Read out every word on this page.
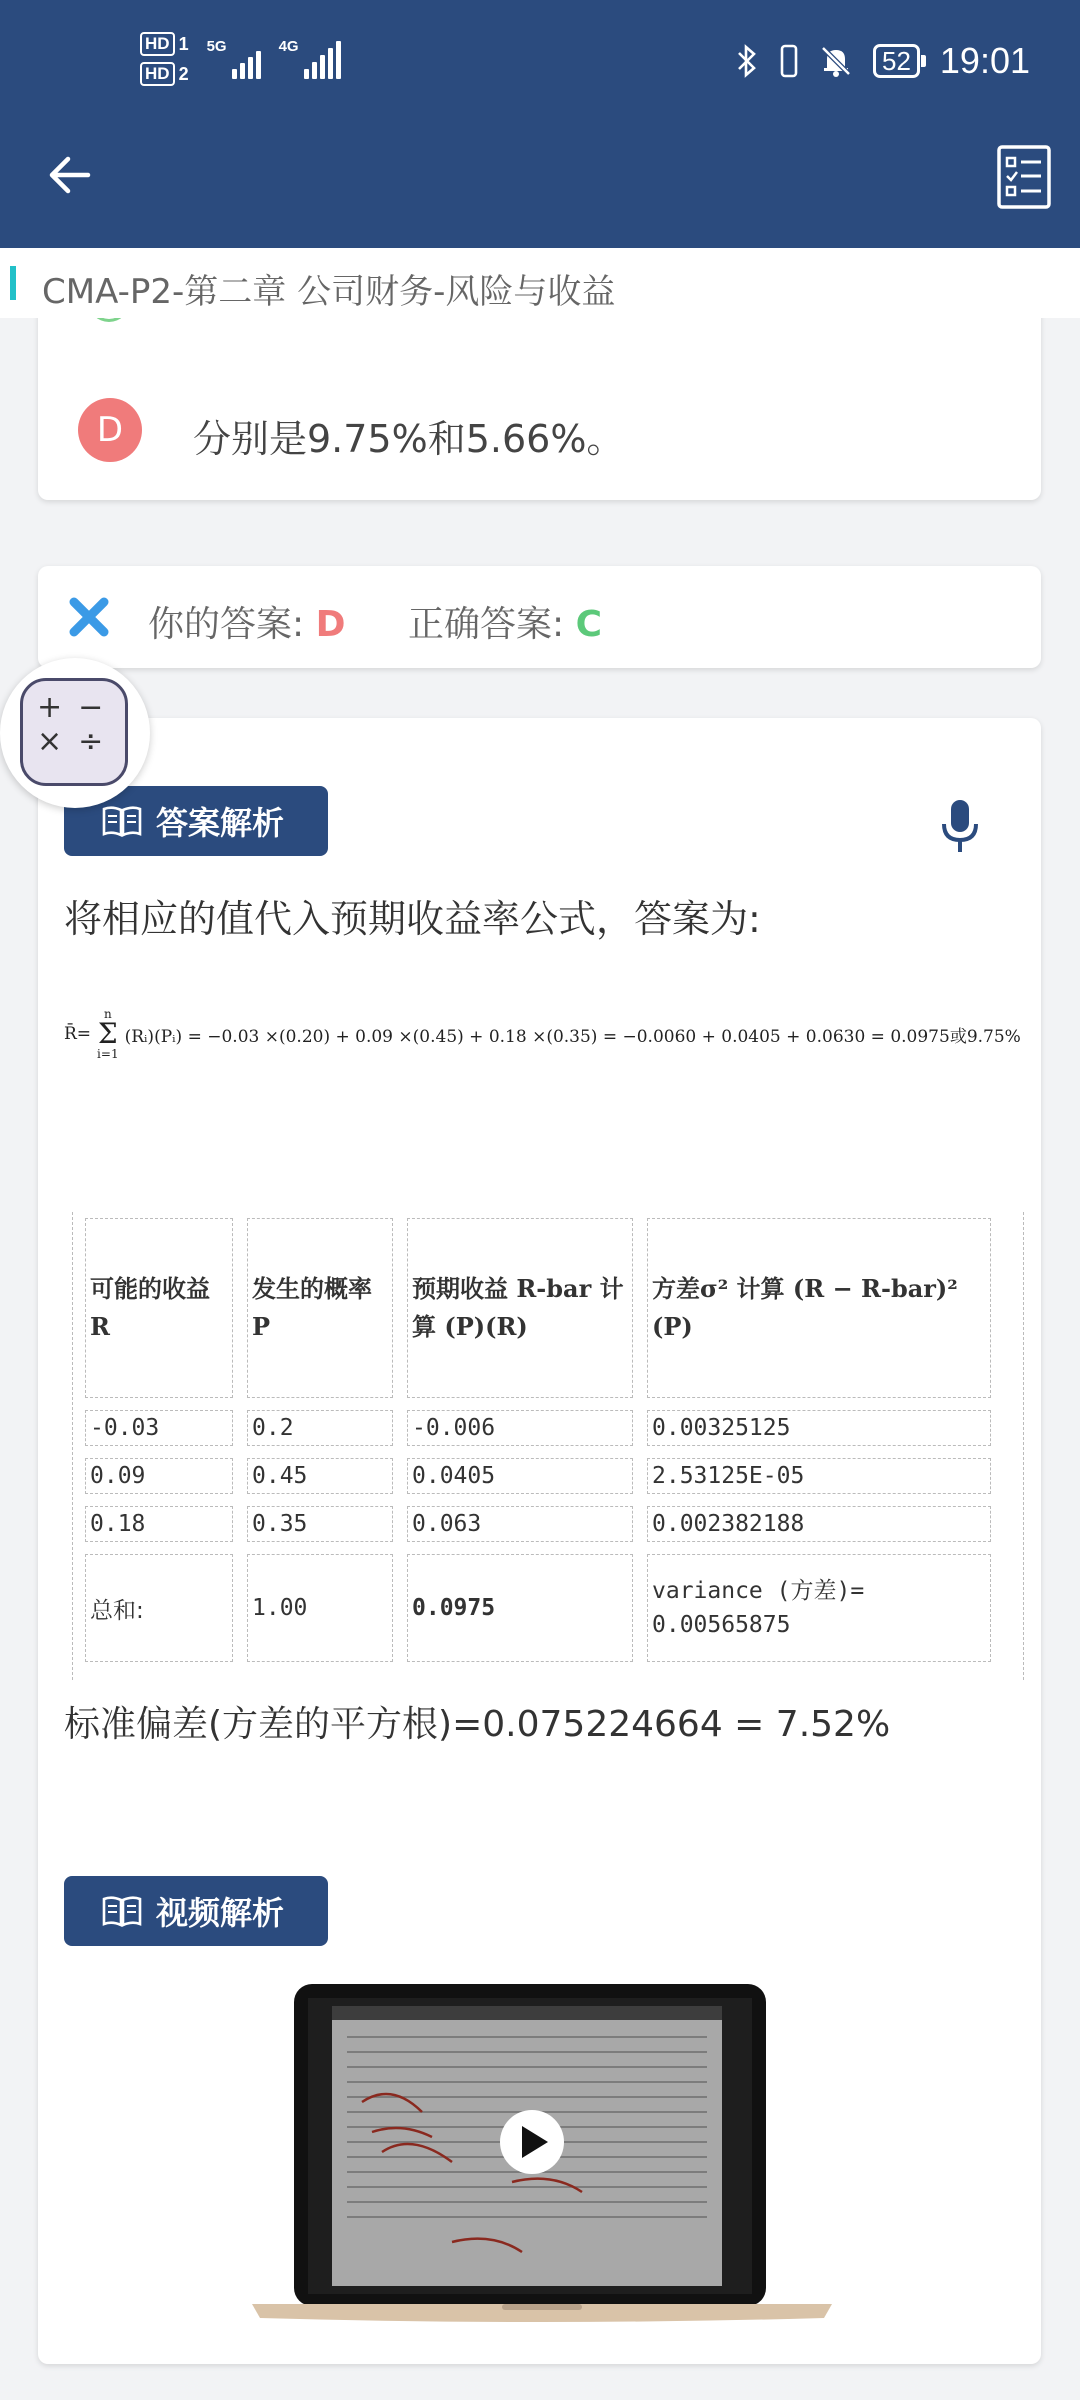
HD 1
HD 2
5G	4G	52 19:01
D	分别是9.75%和5.66%。
CMA-P2-第二章 公司财务-风险与收益
你的答案: D 正确答案: C
答案解析
将相应的值代入预期收益率公式，答案为:
R̄=
n
Σ
i=1
(Rᵢ)(Pᵢ) = −0.03 ×(0.20) + 0.09 ×(0.45) + 0.18 ×(0.35) = −0.0060 + 0.0405 + 0.0630 = 0.0975或9.75%
可能的收益 R	发生的概率 P	预期收益 R-bar 计算 (P)(R)	方差σ² 计算 (R − R-bar)² (P)
-0.03	0.2	-0.006	0.00325125
0.09	0.45	0.0405	2.53125E-05
0.18	0.35	0.063	0.002382188
总和:	1.00	0.0975	variance (方差)= 0.00565875
标准偏差(方差的平方根)=0.075224664 = 7.52%
视频解析
+−
×÷
